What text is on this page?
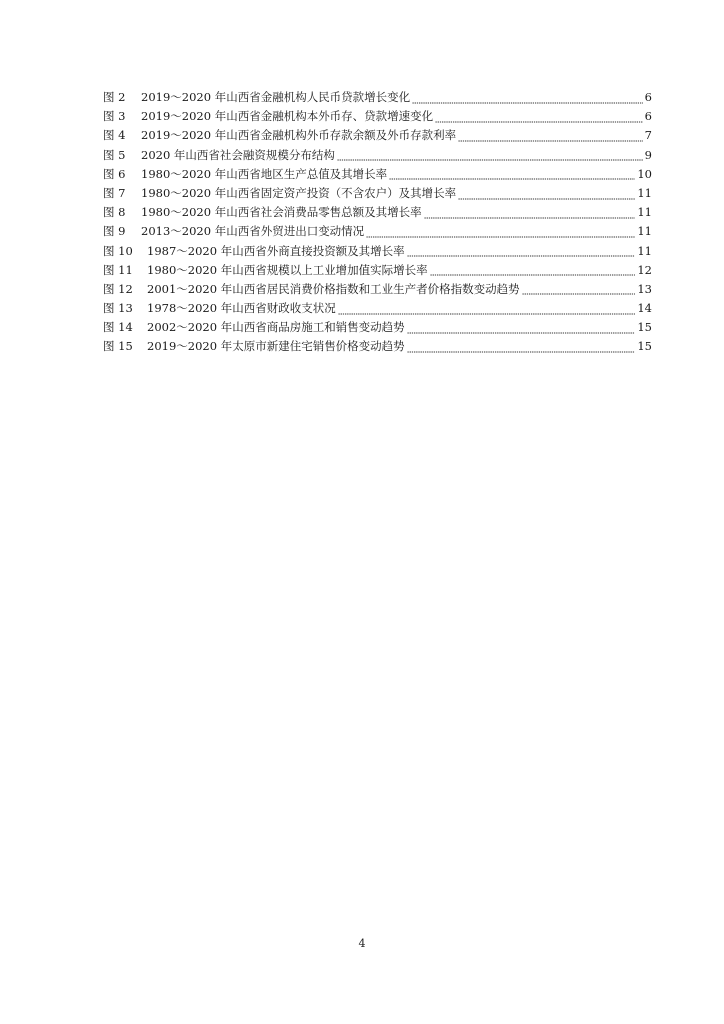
图 2	2019～2020 年山西省金融机构人民币贷款增长变化	6
图 3	2019～2020 年山西省金融机构本外币存、贷款增速变化	6
图 4	2019～2020 年山西省金融机构外币存款余额及外币存款利率	7
图 5	2020 年山西省社会融资规模分布结构	9
图 6	1980～2020 年山西省地区生产总值及其增长率	10
图 7	1980～2020 年山西省固定资产投资（不含农户）及其增长率	11
图 8	1980～2020 年山西省社会消费品零售总额及其增长率	11
图 9	2013～2020 年山西省外贸进出口变动情况	11
图 10	1987～2020 年山西省外商直接投资额及其增长率	11
图 11	1980～2020 年山西省规模以上工业增加值实际增长率	12
图 12	2001～2020 年山西省居民消费价格指数和工业生产者价格指数变动趋势	13
图 13	1978～2020 年山西省财政收支状况	14
图 14	2002～2020 年山西省商品房施工和销售变动趋势	15
图 15	2019～2020 年太原市新建住宅销售价格变动趋势	15
4
